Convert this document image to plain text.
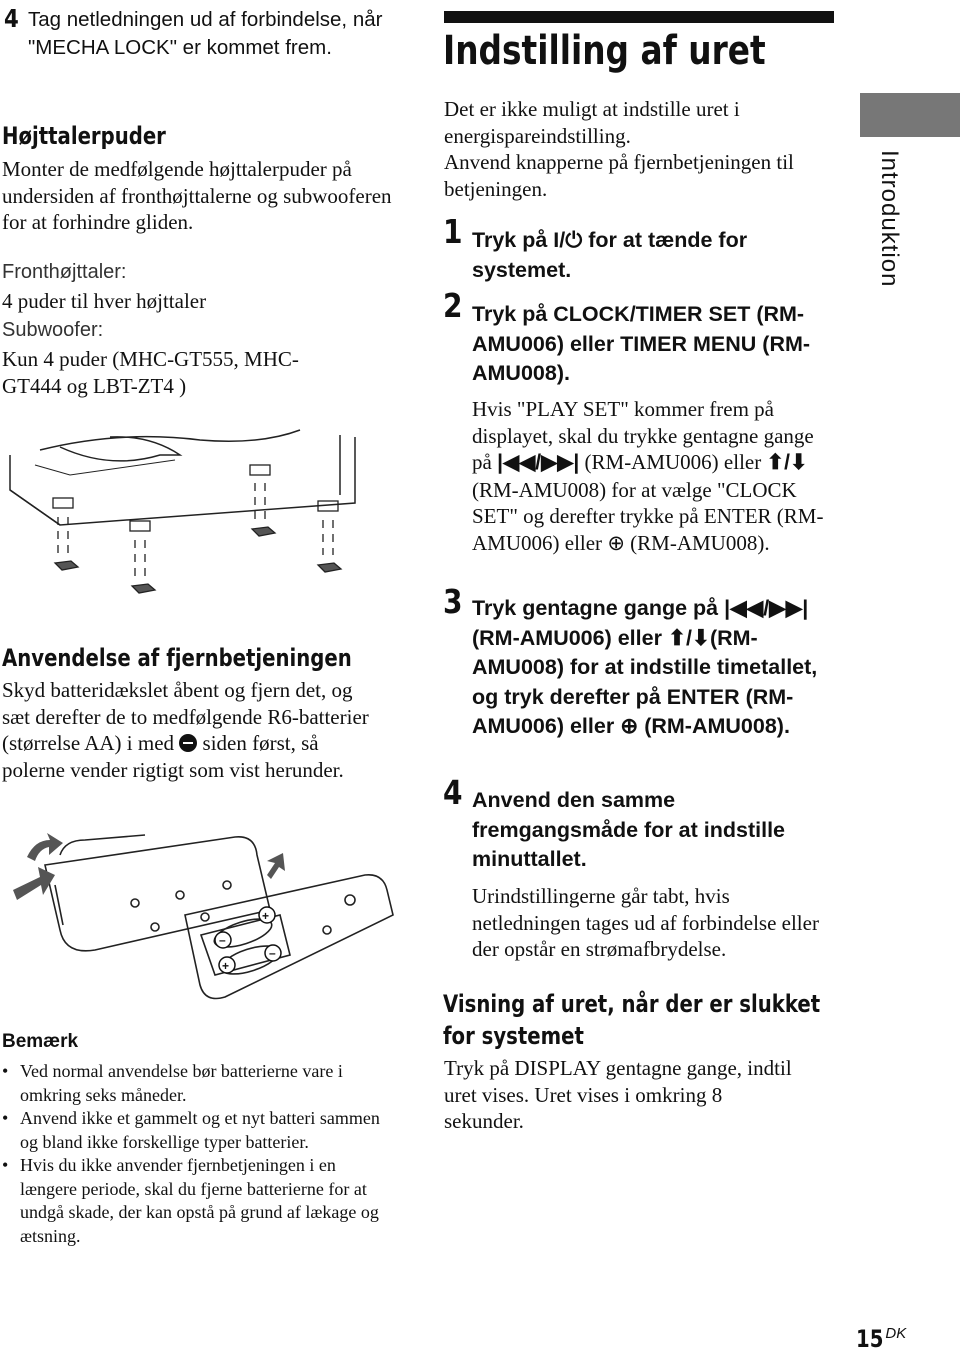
4 Tag netledningen ud af forbindelse, når "MECHA LOCK" er kommet frem.
Højttalerpuder
Monter de medfølgende højttalerpuder på undersiden af fronthøjttalerne og subwooferen for at forhindre gliden.
Fronthøjttaler:
4 puder til hver højttaler
Subwoofer:
Kun 4 puder (MHC-GT555, MHC-GT444 og LBT-ZT4 )
Anvendelse af fjernbetjeningen
Skyd batteridækslet åbent og fjern det, og sæt derefter de to medfølgende R6-batterier (størrelse AA) i med siden først, så polerne vender rigtigt som vist herunder.
+
–
+
–
Bemærk
• Ved normal anvendelse bør batterierne vare i omkring seks måneder.
• Anvend ikke et gammelt og et nyt batteri sammen og bland ikke forskellige typer batterier.
• Hvis du ikke anvender fjernbetjeningen i en længere periode, skal du fjerne batterierne for at undgå skade, der kan opstå på grund af lækage og ætsning.
Indstilling af uret
Det er ikke muligt at indstille uret i energispareindstilling.
Anvend knapperne på fjernbetjeningen til betjeningen.
1 Tryk på I/⏻ for at tænde for systemet.
2 Tryk på CLOCK/TIMER SET (RM-AMU006) eller TIMER MENU (RM-AMU008).
Hvis "PLAY SET" kommer frem på displayet, skal du trykke gentagne gange på |◀◀/▶▶| (RM-AMU006) eller ⬆/⬇ (RM-AMU008) for at vælge "CLOCK SET" og derefter trykke på ENTER (RM-AMU006) eller ⊕ (RM-AMU008).
3 Tryk gentagne gange på |◀◀/▶▶| (RM-AMU006) eller ⬆/⬇(RM-AMU008) for at indstille timetallet, og tryk derefter på ENTER (RM-AMU006) eller ⊕ (RM-AMU008).
4 Anvend den samme fremgangsmåde for at indstille minuttallet.
Urindstillingerne går tabt, hvis netledningen tages ud af forbindelse eller der opstår en strømafbrydelse.
Visning af uret, når der er slukket for systemet
Tryk på DISPLAY gentagne gange, indtil uret vises. Uret vises i omkring 8 sekunder.
Introduktion
15 DK
